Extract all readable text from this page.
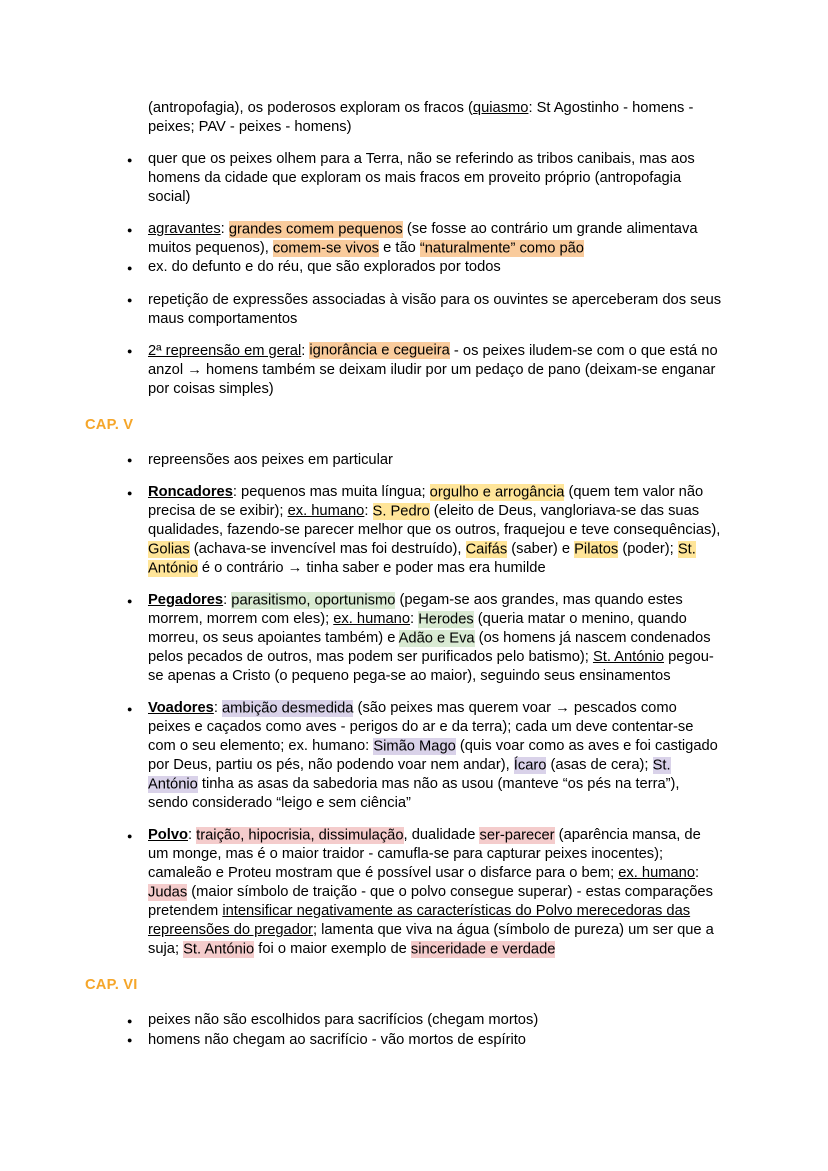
(antropofagia), os poderosos exploram os fracos (quiasmo: St Agostinho - homens - peixes; PAV - peixes - homens)
●	quer que os peixes olhem para a Terra, não se referindo as tribos canibais, mas aos homens da cidade que exploram os mais fracos em proveito próprio (antropofagia social)
●	agravantes: grandes comem pequenos (se fosse ao contrário um grande alimentava muitos pequenos), comem-se vivos e tão “naturalmente” como pão
●	ex. do defunto e do réu, que são explorados por todos
●	repetição de expressões associadas à visão para os ouvintes se aperceberam dos seus maus comportamentos
●	2ª repreensão em geral: ignorância e cegueira - os peixes iludem-se com o que está no anzol → homens também se deixam iludir por um pedaço de pano (deixam-se enganar por coisas simples)
CAP. V
●	repreensões aos peixes em particular
●	Roncadores: pequenos mas muita língua; orgulho e arrogância (quem tem valor não precisa de se exibir); ex. humano: S. Pedro (eleito de Deus, vangloriava-se das suas qualidades, fazendo-se parecer melhor que os outros, fraquejou e teve consequências), Golias (achava-se invencível mas foi destruído), Caifás (saber) e Pilatos (poder); St. António é o contrário → tinha saber e poder mas era humilde
●	Pegadores: parasitismo, oportunismo (pegam-se aos grandes, mas quando estes morrem, morrem com eles); ex. humano: Herodes (queria matar o menino, quando morreu, os seus apoiantes também) e Adão e Eva (os homens já nascem condenados pelos pecados de outros, mas podem ser purificados pelo batismo); St. António pegou-se apenas a Cristo (o pequeno pega-se ao maior), seguindo seus ensinamentos
●	Voadores: ambição desmedida (são peixes mas querem voar → pescados como peixes e caçados como aves - perigos do ar e da terra); cada um deve contentar-se com o seu elemento; ex. humano: Simão Mago (quis voar como as aves e foi castigado por Deus, partiu os pés, não podendo voar nem andar), Ícaro (asas de cera); St. António tinha as asas da sabedoria mas não as usou (manteve “os pés na terra”), sendo considerado “leigo e sem ciência”
●	Polvo: traição, hipocrisia, dissimulação, dualidade ser-parecer (aparência mansa, de um monge, mas é o maior traidor - camufla-se para capturar peixes inocentes); camaleão e Proteu mostram que é possível usar o disfarce para o bem; ex. humano: Judas (maior símbolo de traição - que o polvo consegue superar) - estas comparações pretendem intensificar negativamente as características do Polvo merecedoras das repreensões do pregador; lamenta que viva na água (símbolo de pureza) um ser que a suja; St. António foi o maior exemplo de sinceridade e verdade
CAP. VI
●	peixes não são escolhidos para sacrifícios (chegam mortos)
●	homens não chegam ao sacrifício - vão mortos de espírito
